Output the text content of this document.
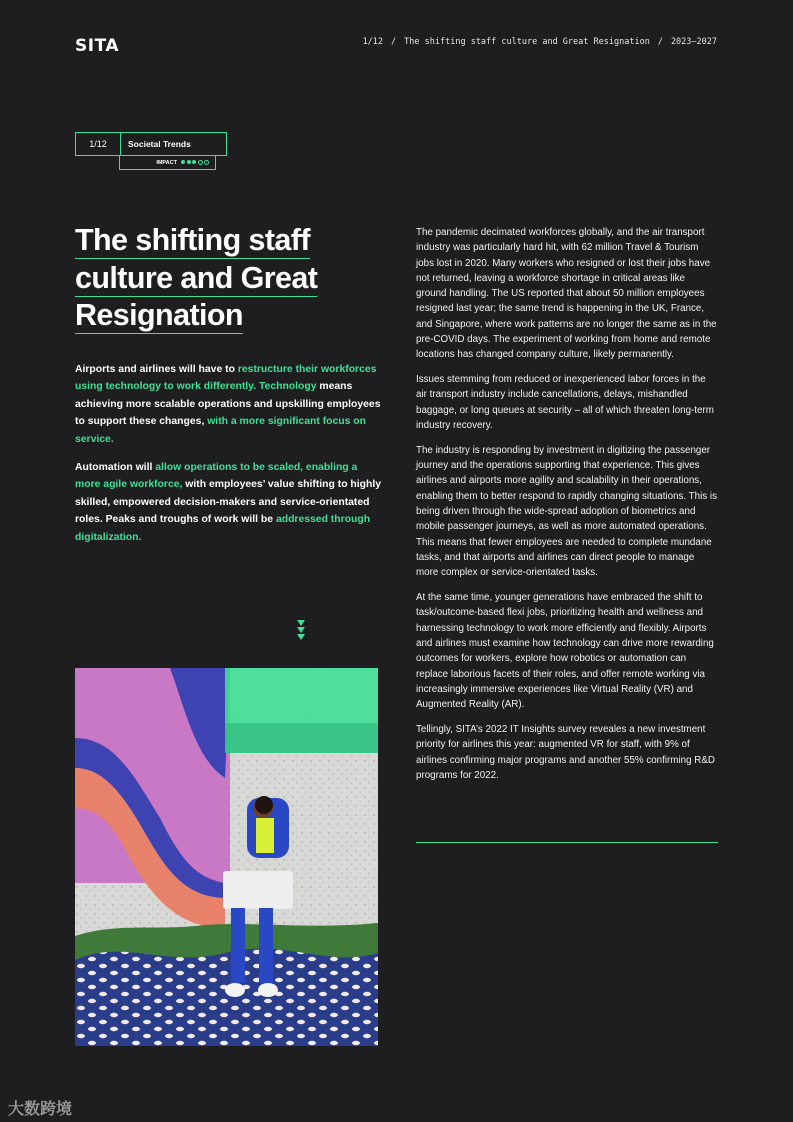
SITA	1/12 / The shifting staff culture and Great Resignation / 2023–2027
1/12	Societal Trends
IMPACT
The shifting staff
culture and Great
Resignation
Airports and airlines will have to restructure their workforces using technology to work differently. Technology means achieving more scalable operations and upskilling employees to support these changes, with a more significant focus on service.
Automation will allow operations to be scaled, enabling a more agile workforce, with employees’ value shifting to highly skilled, empowered decision-makers and service-orientated roles. Peaks and troughs of work will be addressed through digitalization.

The pandemic decimated workforces globally, and the air transport industry was particularly hard hit, with 62 million Travel & Tourism jobs lost in 2020. Many workers who resigned or lost their jobs have not returned, leaving a workforce shortage in critical areas like ground handling. The US reported that about 50 million employees resigned last year; the same trend is happening in the UK, France, and Singapore, where work patterns are no longer the same as in the pre-COVID days. The experiment of working from home and remote locations has changed company culture, likely permanently.

Issues stemming from reduced or inexperienced labor forces in the air transport industry include cancellations, delays, mishandled baggage, or long queues at security – all of which threaten long-term industry recovery.

The industry is responding by investment in digitizing the passenger journey and the operations supporting that experience. This gives airlines and airports more agility and scalability in their operations, enabling them to better respond to rapidly changing situations. This is being driven through the wide-spread adoption of biometrics and mobile passenger journeys, as well as more automated operations. This means that fewer employees are needed to complete mundane tasks, and that airports and airlines can direct people to manage more complex or service-orientated tasks.

At the same time, younger generations have embraced the shift to task/outcome-based flexi jobs, prioritizing health and wellness and harnessing technology to work more efficiently and flexibly. Airports and airlines must examine how technology can drive more rewarding outcomes for workers, explore how robotics or automation can replace laborious facets of their roles, and offer remote working via increasingly immersive experiences like Virtual Reality (VR) and Augmented Reality (AR).

Tellingly, SITA’s 2022 IT Insights survey reveales a new investment priority for airlines this year: augmented VR for staff, with 9% of airlines confirming major programs and another 55% confirming R&D programs for 2022.

大数跨境
